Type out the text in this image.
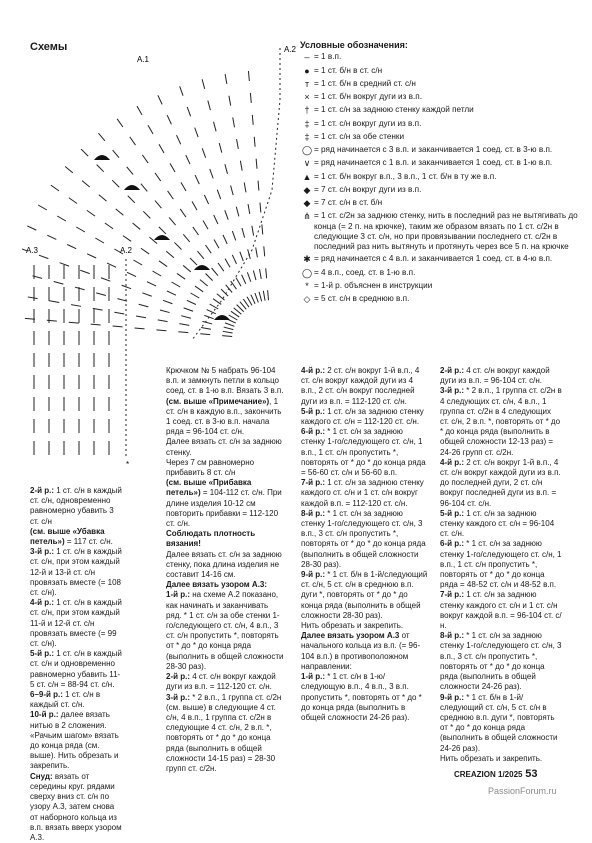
Схемы
A.1
A.2
A.3	A.2
*
Условные обозначения:
– = 1 в.п.
● = 1 ст. б/н в ст. с/н
т = 1 ст. б/н в средний ст. с/н
× = 1 ст. б/н вокруг дуги из в.п.
† = 1 ст. с/н за заднюю стенку каждой петли
‡ = 1 ст. с/н вокруг дуги из в.п.
‡ = 1 ст. с/н за обе стенки
◯ = ряд начинается с 3 в.п. и заканчивается 1 соед. ст. в 3-ю в.п.
∨ = ряд начинается с 1 в.п. и заканчивается 1 соед. ст. в 1-ю в.п.
▲ = 1 ст. б/н вокруг в.п., 3 в.п., 1 ст. б/н в ту же в.п.
◆ = 7 ст. с/н вокруг дуги из в.п.
◆ = 7 ст. с/н в ст. б/н
⋔ = 1 ст. с/2н за заднюю стенку, нить в последний раз не вытягивать до конца (= 2 п. на крючке), таким же образом вязать по 1 ст. с/2н в следующие 3 ст. с/н, но при провязывании последнего ст. с/2н в последний раз нить вытянуть и протянуть через все 5 п. на крючке
✱ = ряд начинается с 4 в.п. и заканчивается 1 соед. ст. в 4-ю в.п.
◯ = 4 в.п., соед. ст. в 1-ю в.п.
* = 1-й р. объяснен в инструкции
◇ = 5 ст. с/н в среднюю в.п.

2-й р.: 1 ст. с/н в каждый ст. с/н, одновременно равномерно убавить 3 ст. с/н

(см. выше «Убавка петель») = 117 ст. с/н.

3-й р.: 1 ст. с/н в каждый ст. с/н, при этом каждый 12-й и 13-й ст. с/н провязать вместе (= 108 ст. с/н).

4-й р.: 1 ст. с/н в каждый ст. с/н, при этом каждый 11-й и 12-й ст. с/н провязать вместе (= 99 ст. с/н).

5-й р.: 1 ст. с/н в каждый ст. с/н и одновременно равномерно убавить 11-5 ст. с/н = 88-94 ст. с/н.

6–9-й р.: 1 ст. с/н в каждый ст. с/н.

10-й р.: далее вязать нитью в 2 сложения. «Рачьим шагом» вязать до конца ряда (см. выше). Нить обрезать и закрепить.

Снуд: вязать от середины круг. рядами сверху вниз ст. с/н по узору А.3, затем снова от наборного кольца из в.п. вязать вверх узором А.3.

Крючком № 5 набрать 96-104 в.п. и замкнуть петли в кольцо соед. ст. в 1-ю в.п. Вязать 3 в.п.

(см. выше «Примечание»), 1 ст. с/н в каждую в.п., закончить 1 соед. ст. в 3-ю в.п. начала ряда = 96-104 ст. с/н.

Далее вязать ст. с/н за заднюю стенку.

Через 7 см равномерно прибавить 8 ст. с/н

(см. выше «Прибавка петель») = 104-112 ст. с/н. При длине изделия 10-12 см повторить прибавки = 112-120 ст. с/н.

Соблюдать плотность вязания!

Далее вязать ст. с/н за заднюю стенку, пока длина изделия не составит 14-16 см.

Далее вязать узором А.3:

1-й р.: на схеме А.2 показано, как начинать и заканчивать ряд. * 1 ст. с/н за обе стенки 1-го/следующего ст. с/н, 4 в.п., 3 ст. с/н пропустить *, повторять от * до * до конца ряда (выполнить в общей сложности 28-30 раз).

2-й р.: 4 ст. с/н вокруг каждой дуги из в.п. = 112-120 ст. с/н.

3-й р.: * 2 в.п., 1 группа ст. с/2н (см. выше) в следующие 4 ст. с/н, 4 в.п., 1 группа ст. с/2н в следующие 4 ст. с/н, 2 в.п. *, повторять от * до * до конца ряда (выполнить в общей сложности 14-15 раз) = 28-30 групп ст. с/2н.

4-й р.: 2 ст. с/н вокруг 1-й в.п., 4 ст. с/н вокруг каждой дуги из 4 в.п., 2 ст. с/н вокруг последней дуги из в.п. = 112-120 ст. с/н.

5-й р.: 1 ст. с/н за заднюю стенку каждого ст. с/н = 112-120 ст. с/н.

6-й р.: * 1 ст. с/н за заднюю стенку 1-го/следующего ст. с/н, 1 в.п., 1 ст. с/н пропустить *, повторять от * до * до конца ряда = 56-60 ст. с/н и 56-60 в.п.

7-й р.: 1 ст. с/н за заднюю стенку каждого ст. с/н и 1 ст. с/н вокруг каждой в.п. = 112-120 ст. с/н.

8-й р.: * 1 ст. с/н за заднюю стенку 1-го/следующего ст. с/н, 3 в.п., 3 ст. с/н пропустить *, повторять от * до * до конца ряда (выполнить в общей сложности 28-30 раз).

9-й р.: * 1 ст. б/н в 1-й/следующий ст. с/н, 5 ст. с/н в среднюю в.п. дуги *, повторять от * до * до конца ряда (выполнить в общей сложности 28-30 раз).

Нить обрезать и закрепить.

Далее вязать узором А.3 от начального кольца из в.п. (= 96-104 в.п.) в противоположном направлении:

1-й р.: * 1 ст. с/н в 1-ю/следующую в.п., 4 в.п., 3 в.п. пропустить *, повторять от * до * до конца ряда (выполнить в общей сложности 24-26 раз).

2-й р.: 4 ст. с/н вокруг каждой дуги из в.п. = 96-104 ст. с/н.

3-й р.: * 2 в.п., 1 группа ст. с/2н в 4 следующих ст. с/н, 4 в.п., 1 группа ст. с/2н в 4 следующих ст. с/н, 2 в.п. *, повторять от * до * до конца ряда (выполнить в общей сложности 12-13 раз) = 24-26 групп ст. с/2н.

4-й р.: 2 ст. с/н вокруг 1-й в.п., 4 ст. с/н вокруг каждой дуги из в.п. до последней дуги, 2 ст. с/н вокруг последней дуги из в.п. = 96-104 ст. с/н.

5-й р.: 1 ст. с/н за заднюю стенку каждого ст. с/н = 96-104 ст. с/н.

6-й р.: * 1 ст. с/н за заднюю стенку 1-го/следующего ст. с/н, 1 в.п., 1 ст. с/н пропустить *, повторять от * до * до конца ряда = 48-52 ст. с/н и 48-52 в.п.

7-й р.: 1 ст. с/н за заднюю стенку каждого ст. с/н и 1 ст. с/н вокруг каждой в.п. = 96-104 ст. с/н.

8-й р.: * 1 ст. с/н за заднюю стенку 1-го/следующего ст. с/н, 3 в.п., 3 ст. с/н пропустить *, повторять от * до * до конца ряда (выполнить в общей сложности 24-26 раз).

9-й р.: * 1 ст. б/н в 1-й/следующий ст. с/н, 5 ст. с/н в среднюю в.п. дуги *, повторять от * до * до конца ряда (выполнить в общей сложности 24-26 раз).

Нить обрезать и закрепить.

CREAZION 1/2025 53
PassionForum.ru
